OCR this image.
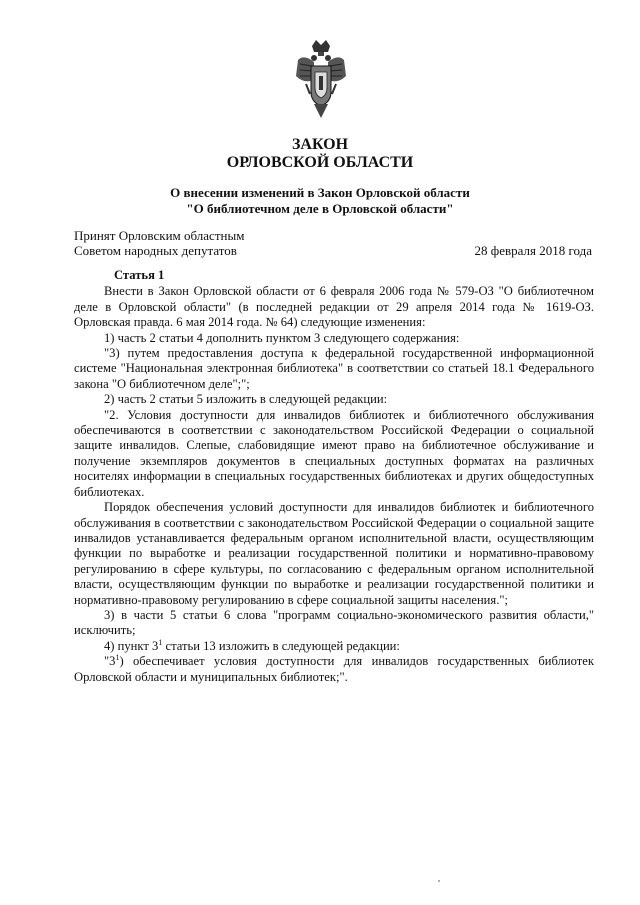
ЗАКОН
ОРЛОВСКОЙ ОБЛАСТИ
О внесении изменений в Закон Орловской области
"О библиотечном деле в Орловской области"
Принят Орловским областным
Советом народных депутатов	28 февраля 2018 года

Статья 1

Внести в Закон Орловской области от 6 февраля 2006 года № 579-ОЗ "О библиотечном деле в Орловской области" (в последней редакции от 29 апреля 2014 года № 1619-ОЗ. Орловская правда. 6 мая 2014 года. № 64) следующие изменения:

1) часть 2 статьи 4 дополнить пунктом 3 следующего содержания:

"3) путем предоставления доступа к федеральной государственной информационной системе "Национальная электронная библиотека" в соответствии со статьей 18.1 Федерального закона "О библиотечном деле";";

2) часть 2 статьи 5 изложить в следующей редакции:

"2. Условия доступности для инвалидов библиотек и библиотечного обслуживания обеспечиваются в соответствии с законодательством Российской Федерации о социальной защите инвалидов. Слепые, слабовидящие имеют право на библиотечное обслуживание и получение экземпляров документов в специальных доступных форматах на различных носителях информации в специальных государственных библиотеках и других общедоступных библиотеках.

Порядок обеспечения условий доступности для инвалидов библиотек и библиотечного обслуживания в соответствии с законодательством Российской Федерации о социальной защите инвалидов устанавливается федеральным органом исполнительной власти, осуществляющим функции по выработке и реализации государственной политики и нормативно-правовому регулированию в сфере культуры, по согласованию с федеральным органом исполнительной власти, осуществляющим функции по выработке и реализации государственной политики и нормативно-правовому регулированию в сфере социальной защиты населения.";

3) в части 5 статьи 6 слова "программ социально-экономического развития области," исключить;

4) пункт $3^1$ статьи 13 изложить в следующей редакции:

"$3^1$) обеспечивает условия доступности для инвалидов государственных библиотек Орловской области и муниципальных библиотек;".
